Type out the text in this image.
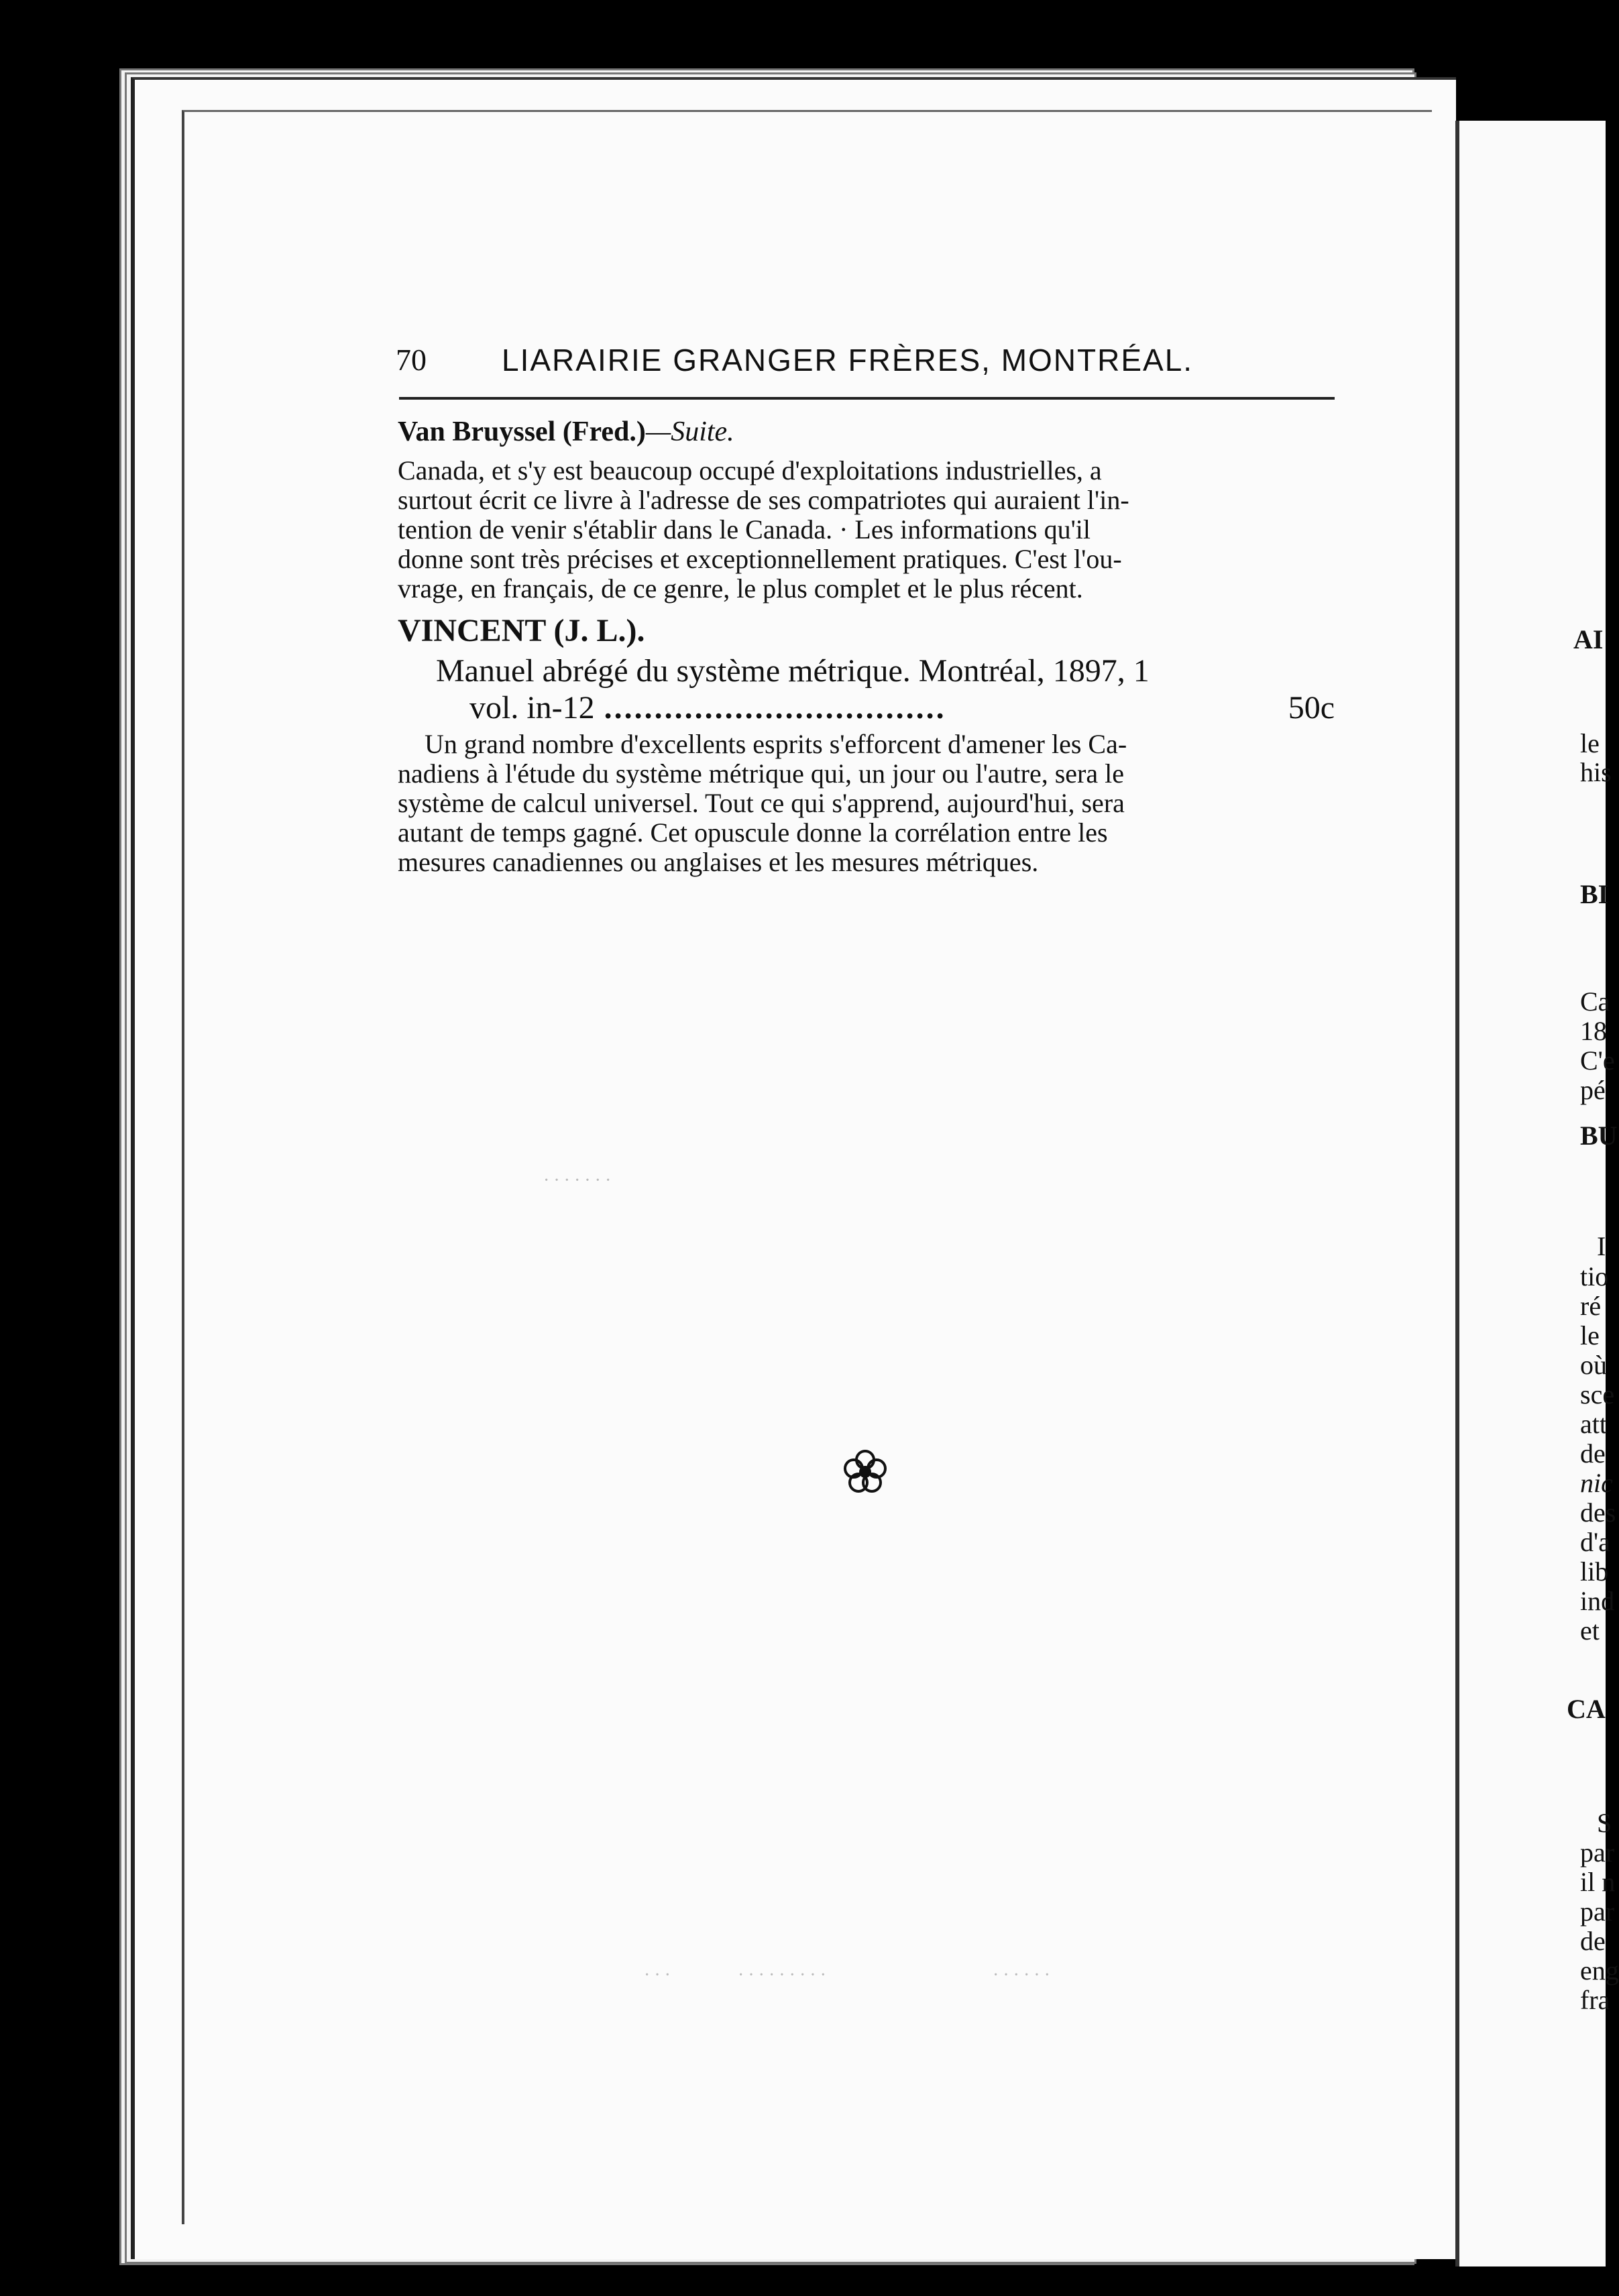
AI
le
his
BI
Ca
18
C'e
pé
BU
I
tio
ré
le
où
sce
att
de
nic
des
d'a
lib
ind
et
CA
S
par
il n
par
de
eng
fra
70 LIARAIRIE GRANGER FRÈRES, MONTRÉAL.
Van Bruyssel (Fred.)—Suite.
Canada, et s'y est beaucoup occupé d'exploitations industrielles, a
surtout écrit ce livre à l'adresse de ses compatriotes qui auraient l'in-
tention de venir s'établir dans le Canada. · Les informations qu'il
donne sont très précises et exceptionnellement pratiques. C'est l'ou-
vrage, en français, de ce genre, le plus complet et le plus récent.
VINCENT (J. L.).
Manuel abrégé du système métrique. Montréal, 1897, 1
vol. in-12 ..................................	50c
Un grand nombre d'excellents esprits s'efforcent d'amener les Ca-
nadiens à l'étude du système métrique qui, un jour ou l'autre, sera le
système de calcul universel. Tout ce qui s'apprend, aujourd'hui, sera
autant de temps gagné. Cet opuscule donne la corrélation entre les
mesures canadiennes ou anglaises et les mesures métriques.
·······
···	·········	······
